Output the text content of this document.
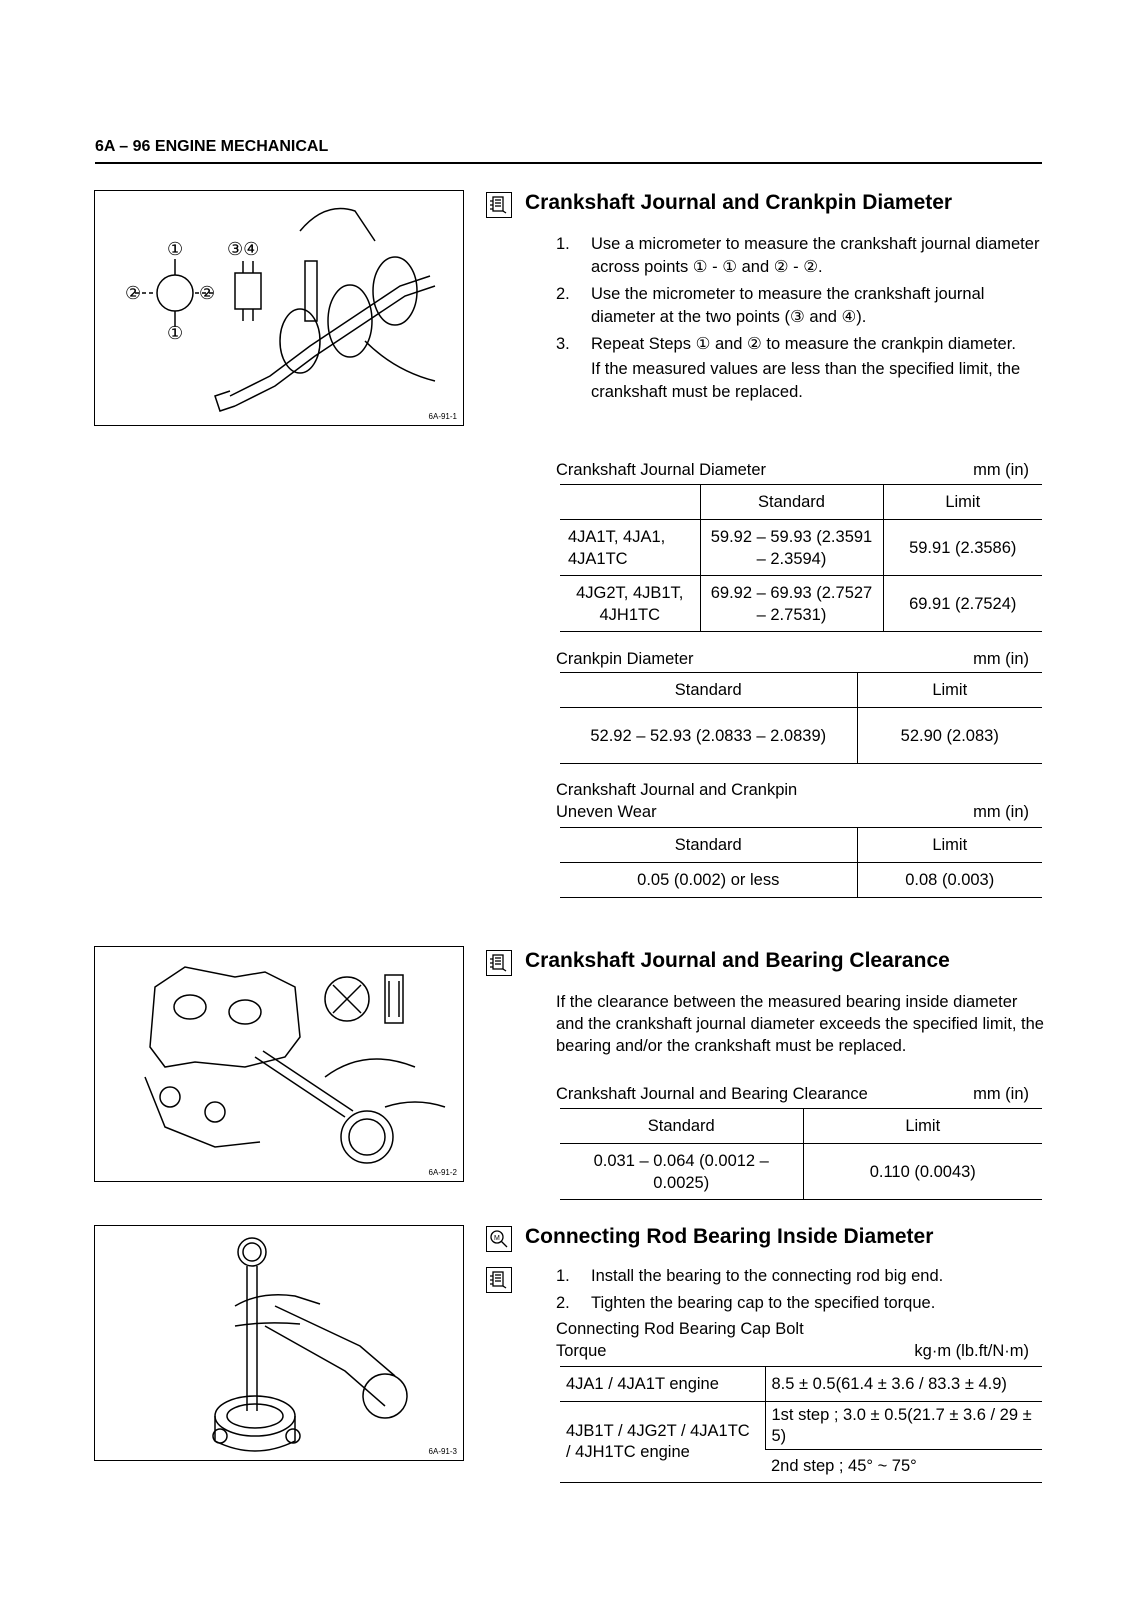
6A – 96 ENGINE MECHANICAL
①
②	②
①
③④
6A-91-1
Crankshaft Journal and Crankpin Diameter
1. Use a micrometer to measure the crankshaft journal diameter across points ① - ① and ② - ②.
2. Use the micrometer to measure the crankshaft journal diameter at the two points (③ and ④).
3. Repeat Steps ① and ② to measure the crankpin diameter.
If the measured values are less than the specified limit, the crankshaft must be replaced.
Crankshaft Journal Diameter	mm (in)
	Standard	Limit
4JA1T, 4JA1, 4JA1TC	59.92 – 59.93 (2.3591 – 2.3594)	59.91 (2.3586)
4JG2T, 4JB1T, 4JH1TC	69.92 – 69.93 (2.7527 – 2.7531)	69.91 (2.7524)
Crankpin Diameter	mm (in)
Standard	Limit
52.92 – 52.93 (2.0833 – 2.0839)	52.90 (2.083)
Crankshaft Journal and Crankpin
Uneven Wear	mm (in)
Standard	Limit
0.05 (0.002) or less	0.08 (0.003)
6A-91-2
Crankshaft Journal and Bearing Clearance
If the clearance between the measured bearing inside diameter and the crankshaft journal diameter exceeds the specified limit, the bearing and/or the crankshaft must be replaced.
Crankshaft Journal and Bearing Clearance	mm (in)
Standard	Limit
0.031 – 0.064 (0.0012 – 0.0025)	0.110 (0.0043)
6A-91-3
M Connecting Rod Bearing Inside Diameter
1. Install the bearing to the connecting rod big end.
2. Tighten the bearing cap to the specified torque.
Connecting Rod Bearing Cap Bolt
Torque	kg·m (lb.ft/N·m)
4JA1 / 4JA1T engine	8.5 ± 0.5(61.4 ± 3.6 / 83.3 ± 4.9)
4JB1T / 4JG2T / 4JA1TC / 4JH1TC engine	1st step ; 3.0 ± 0.5(21.7 ± 3.6 / 29 ± 5)
	2nd step ; 45° ~ 75°
